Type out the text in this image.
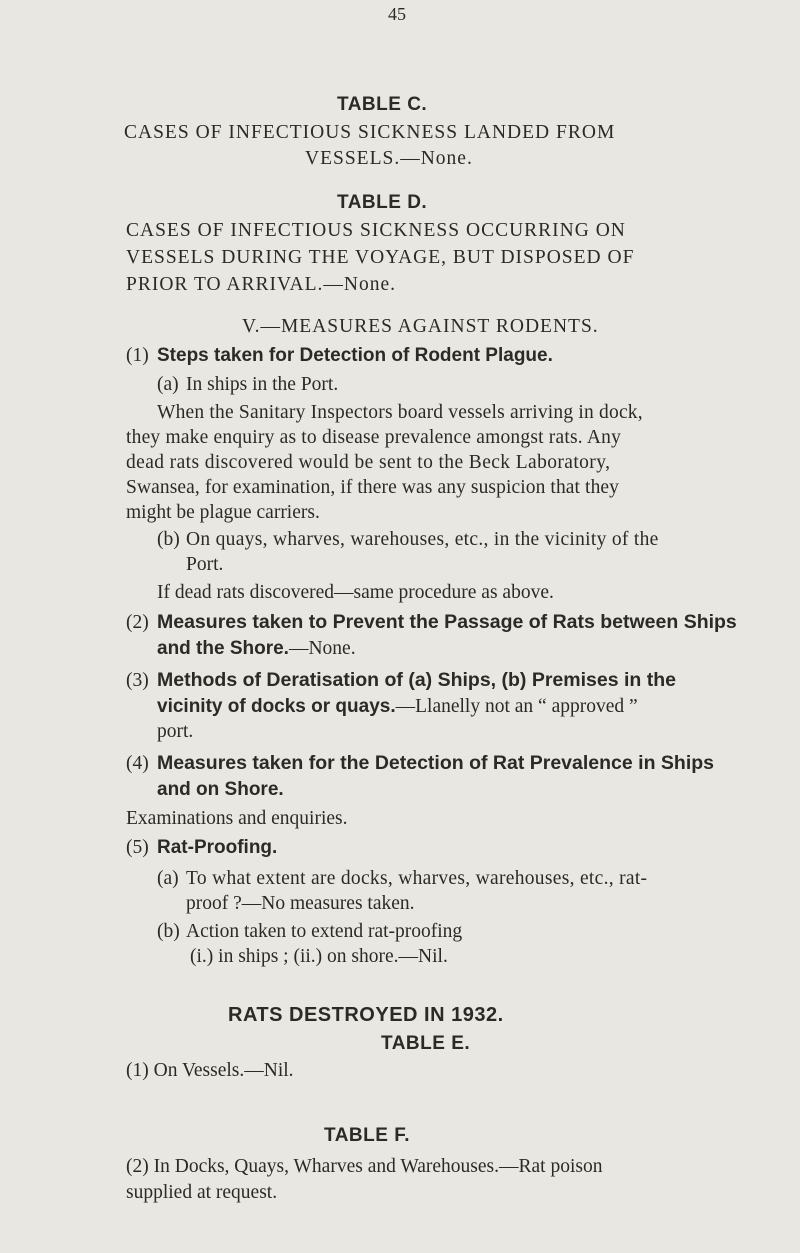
45
TABLE C.
CASES OF INFECTIOUS SICKNESS LANDED FROM
VESSELS.—None.
TABLE D.
CASES OF INFECTIOUS SICKNESS OCCURRING ON
VESSELS DURING THE VOYAGE, BUT DISPOSED OF
PRIOR TO ARRIVAL.—None.
V.—MEASURES AGAINST RODENTS.
(1) Steps taken for Detection of Rodent Plague.
(a) In ships in the Port.
When the Sanitary Inspectors board vessels arriving in dock,
they make enquiry as to disease prevalence amongst rats. Any
dead rats discovered would be sent to the Beck Laboratory,
Swansea, for examination, if there was any suspicion that they
might be plague carriers.
(b) On quays, wharves, warehouses, etc., in the vicinity of the
Port.
If dead rats discovered—same procedure as above.
(2) Measures taken to Prevent the Passage of Rats between Ships
and the Shore.—None.
(3) Methods of Deratisation of (a) Ships, (b) Premises in the
vicinity of docks or quays.—Llanelly not an “ approved ”
port.
(4) Measures taken for the Detection of Rat Prevalence in Ships
and on Shore.
Examinations and enquiries.
(5) Rat-Proofing.
(a) To what extent are docks, wharves, warehouses, etc., rat-
proof ?—No measures taken.
(b) Action taken to extend rat-proofing
(i.) in ships ; (ii.) on shore.—Nil.
RATS DESTROYED IN 1932.
TABLE E.
(1) On Vessels.—Nil.
TABLE F.
(2) In Docks, Quays, Wharves and Warehouses.—Rat poison
supplied at request.
